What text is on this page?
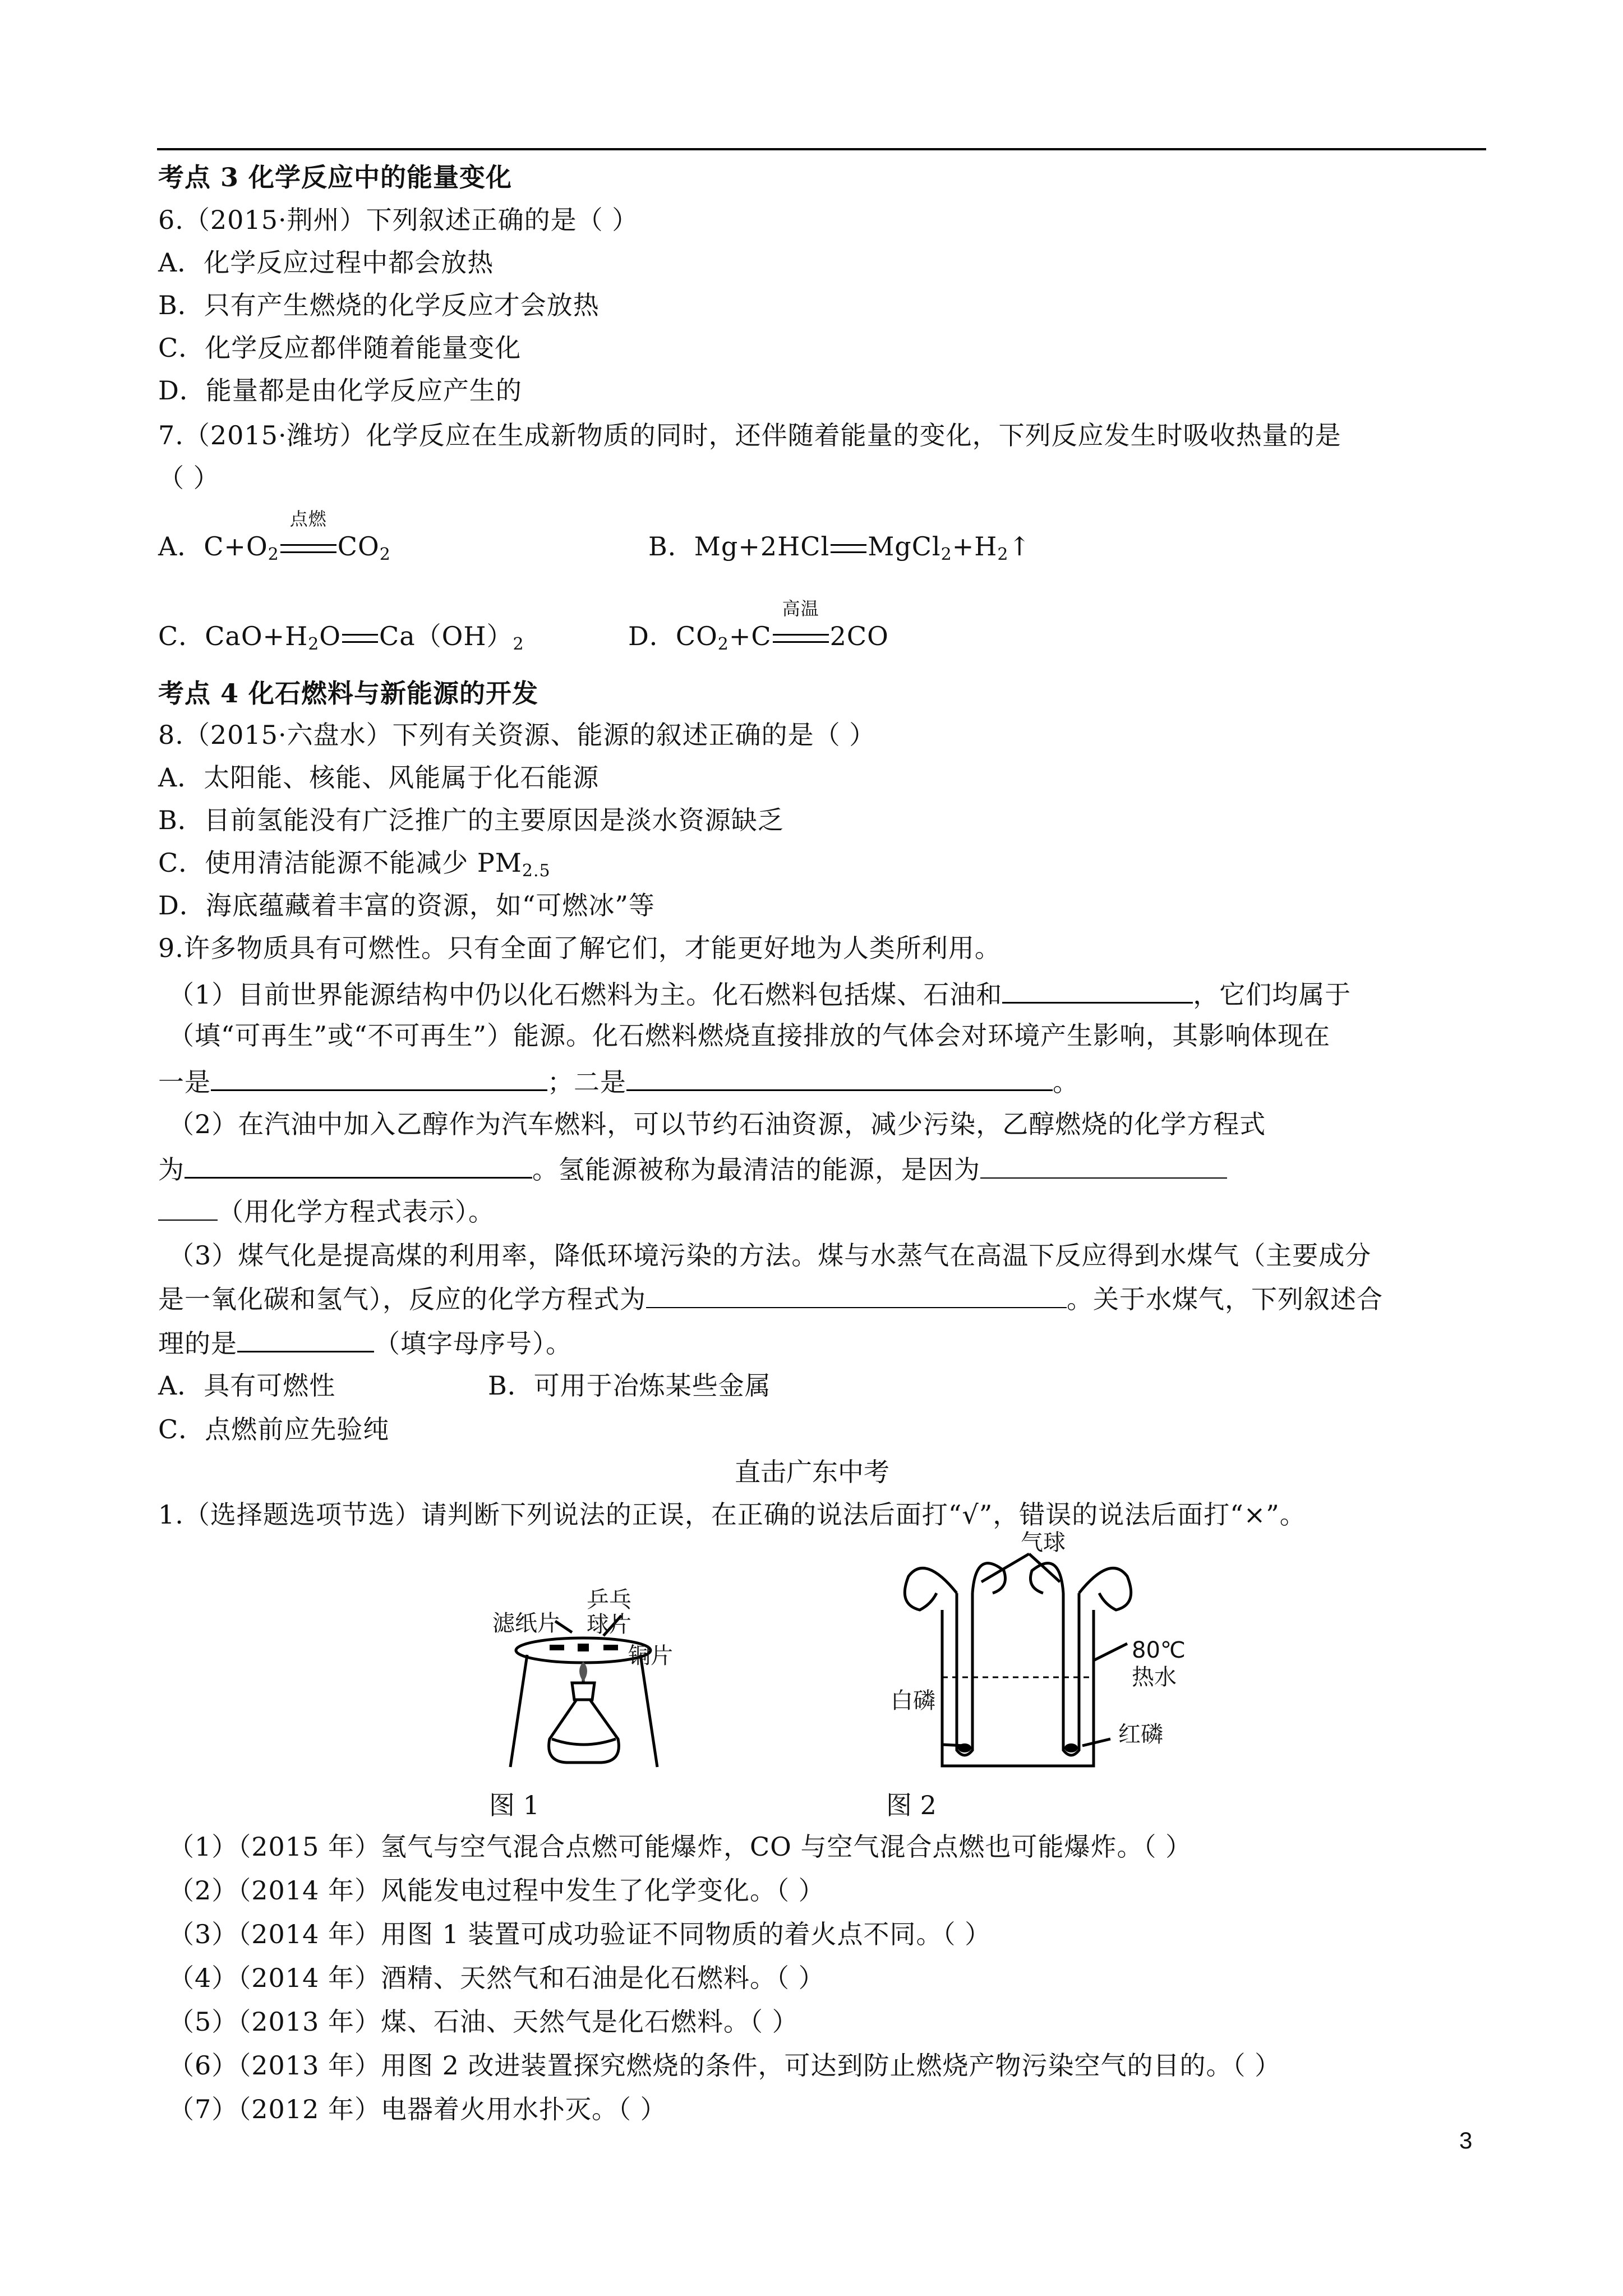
考点 3 化学反应中的能量变化
6.（2015·荆州）下列叙述正确的是（ ）
A．化学反应过程中都会放热
B．只有产生燃烧的化学反应才会放热
C．化学反应都伴随着能量变化
D．能量都是由化学反应产生的
7.（2015·潍坊）化学反应在生成新物质的同时，还伴随着能量的变化，下列反应发生时吸收热量的是
（ ）
A．$C+O_2$
点燃
$CO_2$	B．Mg+2HCl $MgCl_2+H_2↑$
C．$CaO+H_2O$ $Ca(OH)_2$	D．$CO_2+C$
高温
2CO
考点 4 化石燃料与新能源的开发
8.（2015·六盘水）下列有关资源、能源的叙述正确的是（ ）
A．太阳能、核能、风能属于化石能源
B．目前氢能没有广泛推广的主要原因是淡水资源缺乏
C．使用清洁能源不能减少 $PM_{2.5}$
D．海底蕴藏着丰富的资源，如“可燃冰”等
9.许多物质具有可燃性。只有全面了解它们，才能更好地为人类所利用。
（1）目前世界能源结构中仍以化石燃料为主。化石燃料包括煤、石油和	，它们均属于
（填“可再生”或“不可再生”）能源。化石燃料燃烧直接排放的气体会对环境产生影响，其影响体现在
一是	；二是	。
（2）在汽油中加入乙醇作为汽车燃料，可以节约石油资源，减少污染，乙醇燃烧的化学方程式
为	。氢能源被称为最清洁的能源，是因为
（用化学方程式表示）。
（3）煤气化是提高煤的利用率，降低环境污染的方法。煤与水蒸气在高温下反应得到水煤气（主要成分
是一氧化碳和氢气），反应的化学方程式为	。关于水煤气，下列叙述合
理的是	（填字母序号）。
A．具有可燃性	B．可用于冶炼某些金属
C．点燃前应先验纯
直击广东中考
1.（选择题选项节选）请判断下列说法的正误，在正确的说法后面打“√”，错误的说法后面打“×”。
滤纸片
乒乓
球片
铜片
图 1
气球
80℃
热水
白磷
红磷
图 2
（1）（2015 年）氢气与空气混合点燃可能爆炸，CO 与空气混合点燃也可能爆炸。（ ）
（2）（2014 年）风能发电过程中发生了化学变化。（ ）
（3）（2014 年）用图 1 装置可成功验证不同物质的着火点不同。（ ）
（4）（2014 年）酒精、天然气和石油是化石燃料。（ ）
（5）（2013 年）煤、石油、天然气是化石燃料。（ ）
（6）（2013 年）用图 2 改进装置探究燃烧的条件，可达到防止燃烧产物污染空气的目的。（ ）
（7）（2012 年）电器着火用水扑灭。（ ）
3
